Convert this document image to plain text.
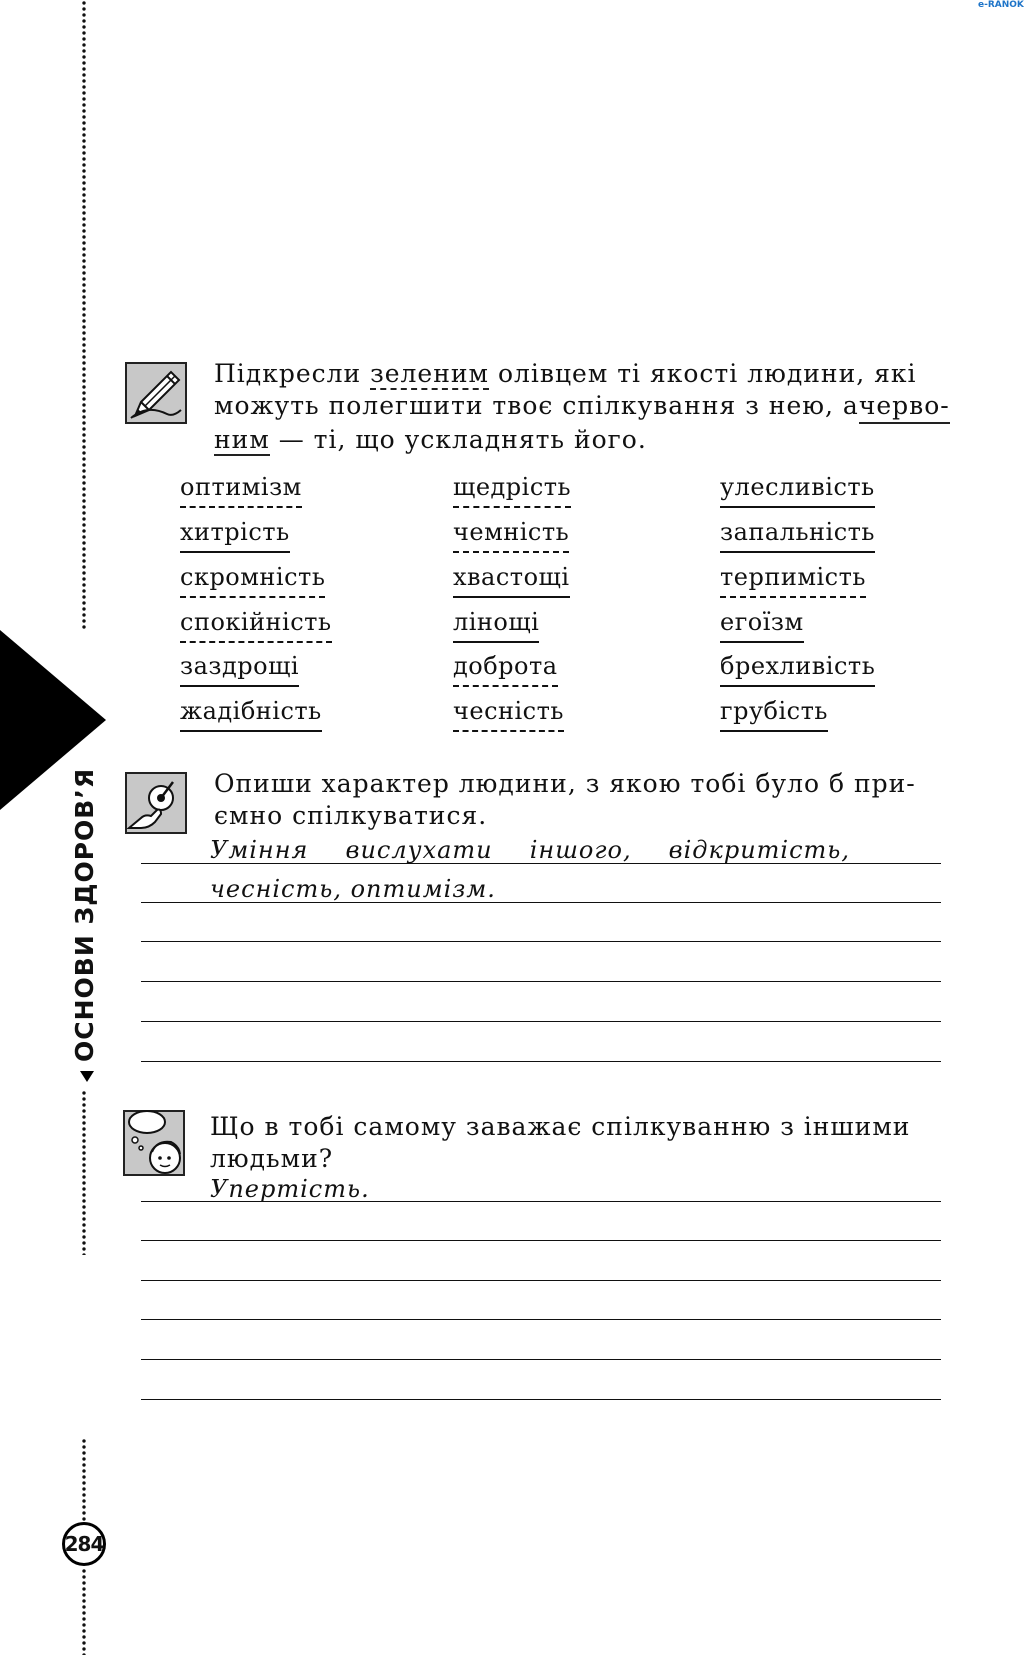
e-RANOK
ОСНОВИ ЗДОРОВ’Я
284
Підкресли зеленим олівцем ті якості людини, які
можуть полегшити твоє спілкування з нею, а черво-
ним — ті, що ускладнять його.
оптимізм
хитрість
скромність
спокійність
заздрощі
жадібність
щедрість
чемність
хвастощі
лінощі
доброта
чесність
улесливість
запальність
терпимість
егоїзм
брехливість
грубість
Опиши характер людини, з якою тобі було б при-
ємно спілкуватися.
Уміння вислухати іншого, відкритість,
чесність, оптимізм.
Що в тобі самому заважає спілкуванню з іншими
людьми?
Упертість.
